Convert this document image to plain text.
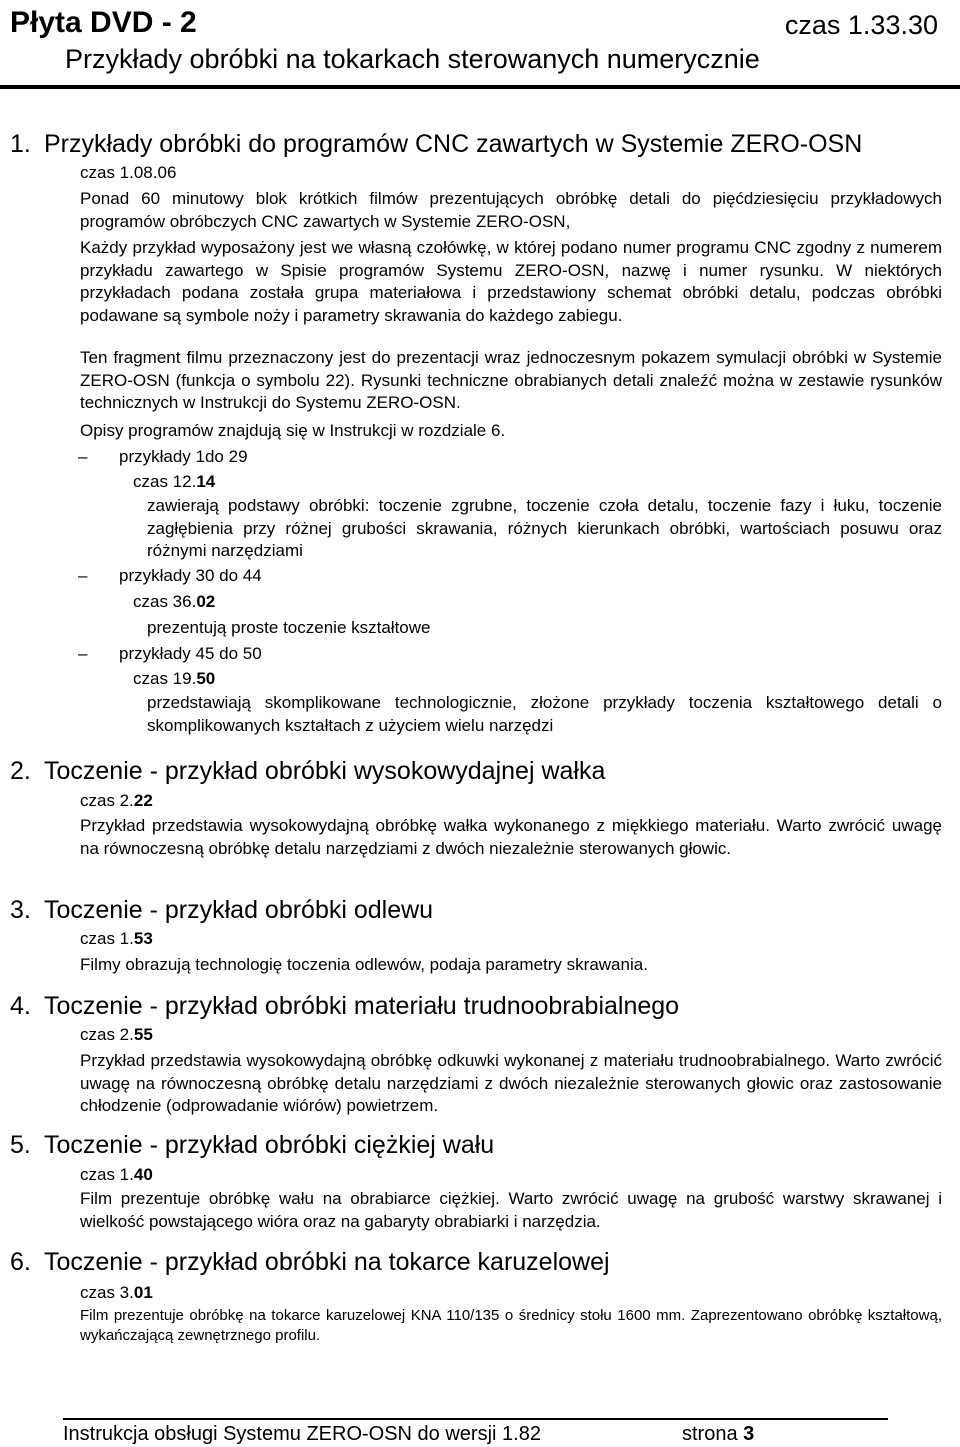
Płyta DVD - 2	czas 1.33.30
Przykłady obróbki na tokarkach sterowanych numerycznie
1. Przykłady obróbki do programów CNC zawartych w Systemie ZERO-OSN
czas 1.08.06
Ponad 60 minutowy blok krótkich filmów prezentujących obróbkę detali do pięćdziesięciu przykładowych programów obróbczych CNC zawartych w Systemie ZERO-OSN,
Każdy przykład wyposażony jest we własną czołówkę, w której podano numer programu CNC zgodny z numerem przykładu zawartego w Spisie programów Systemu ZERO-OSN, nazwę i numer rysunku. W niektórych przykładach podana została grupa materiałowa i przedstawiony schemat obróbki detalu, podczas obróbki podawane są symbole noży i parametry skrawania do każdego zabiegu.
Ten fragment filmu przeznaczony jest do prezentacji wraz jednoczesnym pokazem symulacji obróbki w Systemie ZERO-OSN (funkcja o symbolu 22). Rysunki techniczne obrabianych detali znaleźć można w zestawie rysunków technicznych w Instrukcji do Systemu ZERO-OSN.
Opisy programów znajdują się w Instrukcji w rozdziale 6.
– przykłady 1do 29
czas 12.14
zawierają podstawy obróbki: toczenie zgrubne, toczenie czoła detalu, toczenie fazy i łuku, toczenie zagłębienia przy różnej grubości skrawania, różnych kierunkach obróbki, wartościach posuwu oraz różnymi narzędziami
– przykłady 30 do 44
czas 36.02
prezentują proste toczenie kształtowe
– przykłady 45 do 50
czas 19.50
przedstawiają skomplikowane technologicznie, złożone przykłady toczenia kształtowego detali o skomplikowanych kształtach z użyciem wielu narzędzi
2. Toczenie - przykład obróbki wysokowydajnej wałka
czas 2.22
Przykład przedstawia wysokowydajną obróbkę wałka wykonanego z miękkiego materiału. Warto zwrócić uwagę na równoczesną obróbkę detalu narzędziami z dwóch niezależnie sterowanych głowic.
3. Toczenie - przykład obróbki odlewu
czas 1.53
Filmy obrazują technologię toczenia odlewów, podaja parametry skrawania.
4. Toczenie - przykład obróbki materiału trudnoobrabialnego
czas 2.55
Przykład przedstawia wysokowydajną obróbkę odkuwki wykonanej z materiału trudnoobrabialnego. Warto zwrócić uwagę na równoczesną obróbkę detalu narzędziami z dwóch niezależnie sterowanych głowic oraz zastosowanie chłodzenie (odprowadanie wiórów) powietrzem.
5. Toczenie - przykład obróbki ciężkiej wału
czas 1.40
Film prezentuje obróbkę wału na obrabiarce ciężkiej. Warto zwrócić uwagę na grubość warstwy skrawanej i wielkość powstającego wióra oraz na gabaryty obrabiarki i narzędzia.
6. Toczenie - przykład obróbki na tokarce karuzelowej
czas 3.01
Film prezentuje obróbkę na tokarce karuzelowej KNA 110/135 o średnicy stołu 1600 mm. Zaprezentowano obróbkę kształtową, wykańczającą zewnętrznego profilu.
Instrukcja obsługi Systemu ZERO-OSN do wersji 1.82	strona 3
